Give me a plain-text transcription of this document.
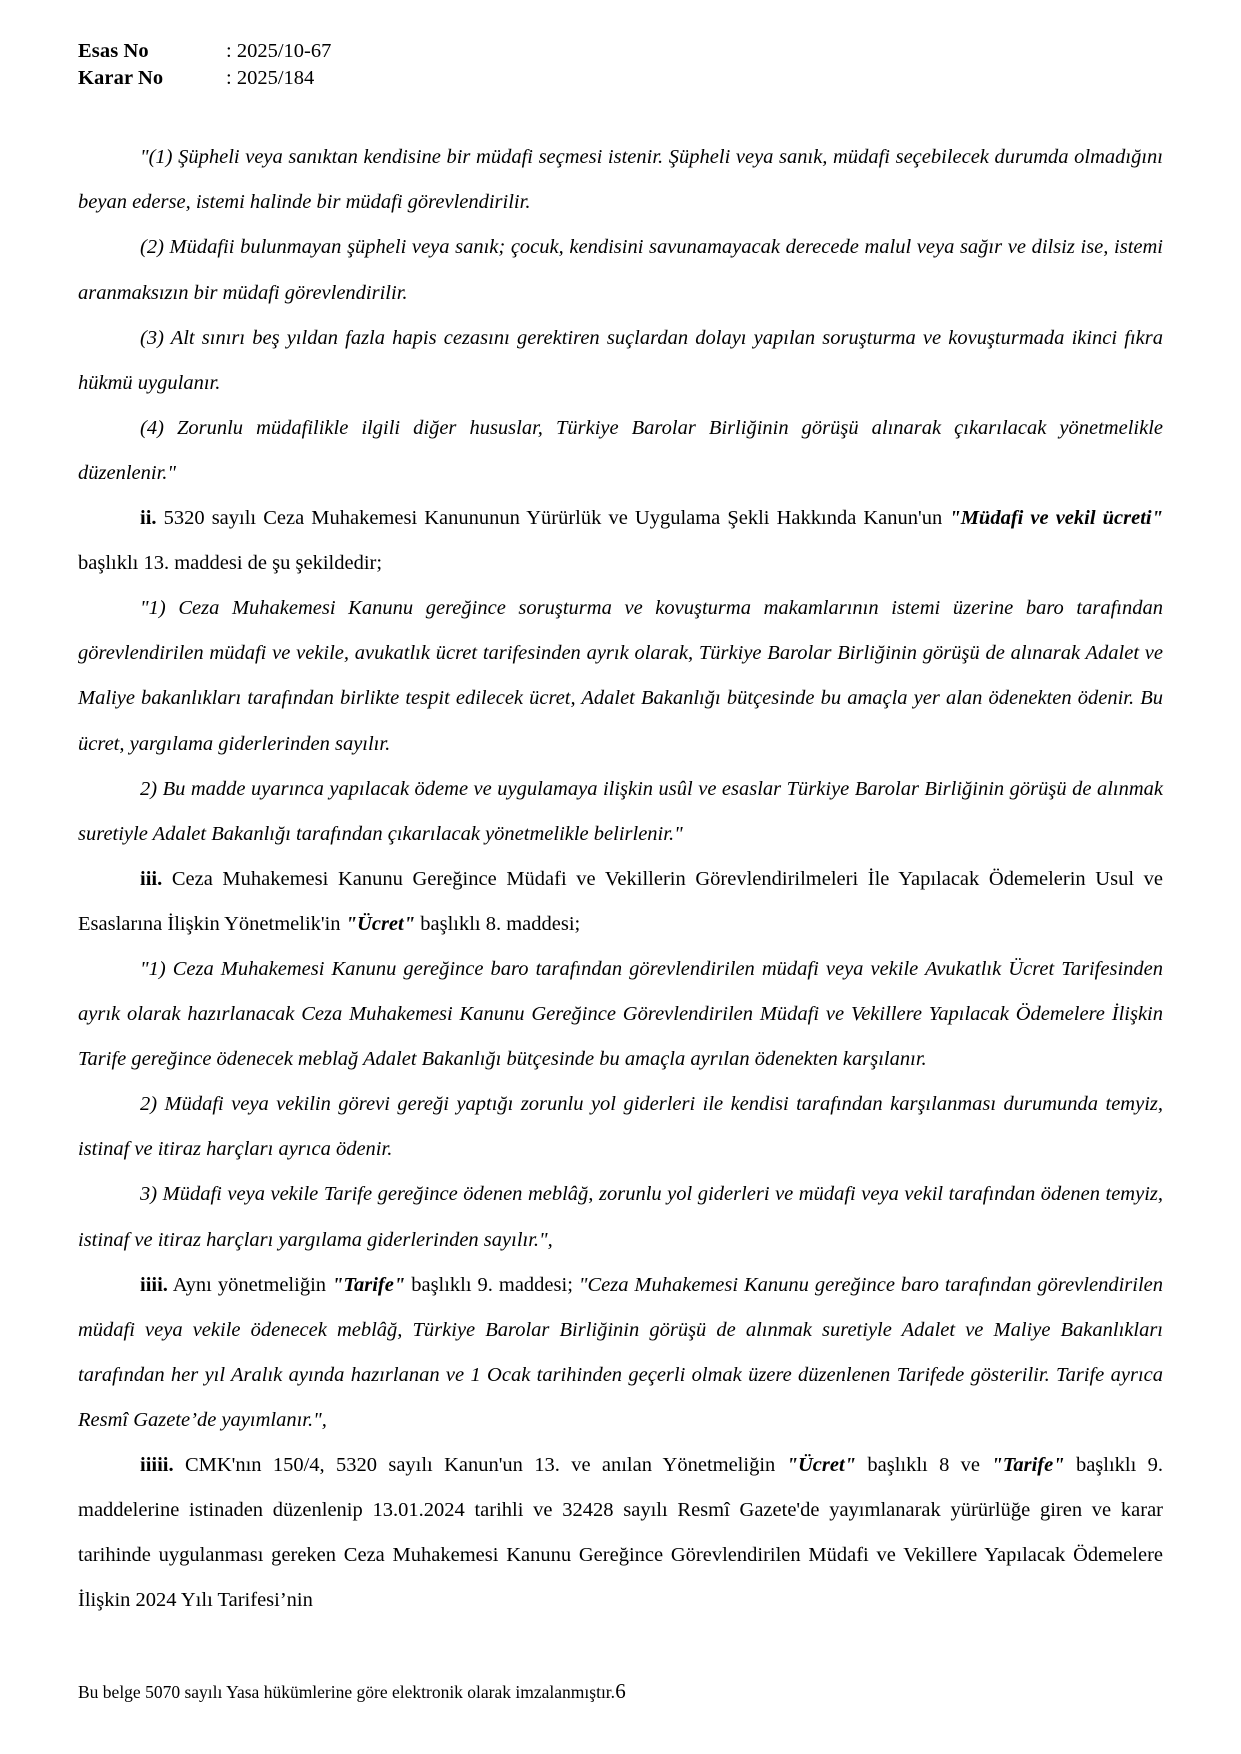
Esas No	: 2025/10-67
Karar No	: 2025/184

"(1) Şüpheli veya sanıktan kendisine bir müdafi seçmesi istenir. Şüpheli veya sanık, müdafi seçebilecek durumda olmadığını beyan ederse, istemi halinde bir müdafi görevlendirilir.

(2) Müdafii bulunmayan şüpheli veya sanık; çocuk, kendisini savunamayacak derecede malul veya sağır ve dilsiz ise, istemi aranmaksızın bir müdafi görevlendirilir.

(3) Alt sınırı beş yıldan fazla hapis cezasını gerektiren suçlardan dolayı yapılan soruşturma ve kovuşturmada ikinci fıkra hükmü uygulanır.

(4) Zorunlu müdafilikle ilgili diğer hususlar, Türkiye Barolar Birliğinin görüşü alınarak çıkarılacak yönetmelikle düzenlenir."

ii. 5320 sayılı Ceza Muhakemesi Kanununun Yürürlük ve Uygulama Şekli Hakkında Kanun'un "Müdafi ve vekil ücreti" başlıklı 13. maddesi de şu şekildedir;

"1) Ceza Muhakemesi Kanunu gereğince soruşturma ve kovuşturma makamlarının istemi üzerine baro tarafından görevlendirilen müdafi ve vekile, avukatlık ücret tarifesinden ayrık olarak, Türkiye Barolar Birliğinin görüşü de alınarak Adalet ve Maliye bakanlıkları tarafından birlikte tespit edilecek ücret, Adalet Bakanlığı bütçesinde bu amaçla yer alan ödenekten ödenir. Bu ücret, yargılama giderlerinden sayılır.

2) Bu madde uyarınca yapılacak ödeme ve uygulamaya ilişkin usûl ve esaslar Türkiye Barolar Birliğinin görüşü de alınmak suretiyle Adalet Bakanlığı tarafından çıkarılacak yönetmelikle belirlenir."

iii. Ceza Muhakemesi Kanunu Gereğince Müdafi ve Vekillerin Görevlendirilmeleri İle Yapılacak Ödemelerin Usul ve Esaslarına İlişkin Yönetmelik'in "Ücret" başlıklı 8. maddesi;

"1) Ceza Muhakemesi Kanunu gereğince baro tarafından görevlendirilen müdafi veya vekile Avukatlık Ücret Tarifesinden ayrık olarak hazırlanacak Ceza Muhakemesi Kanunu Gereğince Görevlendirilen Müdafi ve Vekillere Yapılacak Ödemelere İlişkin Tarife gereğince ödenecek meblağ Adalet Bakanlığı bütçesinde bu amaçla ayrılan ödenekten karşılanır.

2) Müdafi veya vekilin görevi gereği yaptığı zorunlu yol giderleri ile kendisi tarafından karşılanması durumunda temyiz, istinaf ve itiraz harçları ayrıca ödenir.

3) Müdafi veya vekile Tarife gereğince ödenen meblâğ, zorunlu yol giderleri ve müdafi veya vekil tarafından ödenen temyiz, istinaf ve itiraz harçları yargılama giderlerinden sayılır.",

iiii. Aynı yönetmeliğin "Tarife" başlıklı 9. maddesi; "Ceza Muhakemesi Kanunu gereğince baro tarafından görevlendirilen müdafi veya vekile ödenecek meblâğ, Türkiye Barolar Birliğinin görüşü de alınmak suretiyle Adalet ve Maliye Bakanlıkları tarafından her yıl Aralık ayında hazırlanan ve 1 Ocak tarihinden geçerli olmak üzere düzenlenen Tarifede gösterilir. Tarife ayrıca Resmî Gazete’de yayımlanır.",

iiiii. CMK'nın 150/4, 5320 sayılı Kanun'un 13. ve anılan Yönetmeliğin "Ücret" başlıklı 8 ve "Tarife" başlıklı 9. maddelerine istinaden düzenlenip 13.01.2024 tarihli ve 32428 sayılı Resmî Gazete'de yayımlanarak yürürlüğe giren ve karar tarihinde uygulanması gereken Ceza Muhakemesi Kanunu Gereğince Görevlendirilen Müdafi ve Vekillere Yapılacak Ödemelere İlişkin 2024 Yılı Tarifesi’nin

Bu belge 5070 sayılı Yasa hükümlerine göre elektronik olarak imzalanmıştır. 6
